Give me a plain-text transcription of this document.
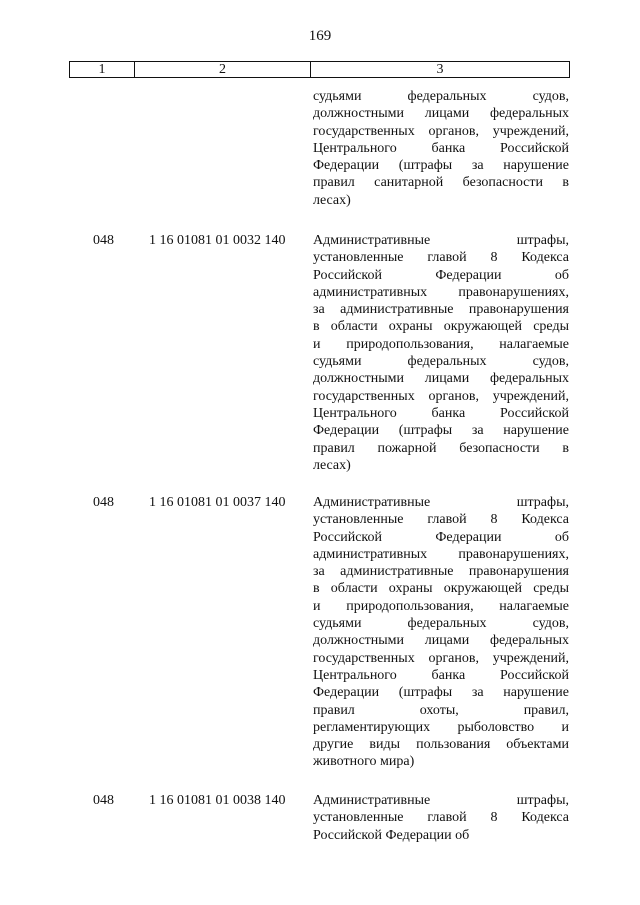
169
1	2	3
судьями федеральных судов,
должностными лицами федеральных
государственных органов, учреждений,
Центрального банка Российской
Федерации (штрафы за нарушение
правил санитарной безопасности в
лесах)
048	1 16 01081 01 0032 140 Административные штрафы,
установленные главой 8 Кодекса
Российской Федерации об
административных правонарушениях,
за административные правонарушения
в области охраны окружающей среды
и природопользования, налагаемые
судьями федеральных судов,
должностными лицами федеральных
государственных органов, учреждений,
Центрального банка Российской
Федерации (штрафы за нарушение
правил пожарной безопасности в
лесах)
048	1 16 01081 01 0037 140 Административные штрафы,
установленные главой 8 Кодекса
Российской Федерации об
административных правонарушениях,
за административные правонарушения
в области охраны окружающей среды
и природопользования, налагаемые
судьями федеральных судов,
должностными лицами федеральных
государственных органов, учреждений,
Центрального банка Российской
Федерации (штрафы за нарушение
правил охоты, правил,
регламентирующих рыболовство и
другие виды пользования объектами
животного мира)
048	1 16 01081 01 0038 140 Административные штрафы,
установленные главой 8 Кодекса
Российской Федерации об
